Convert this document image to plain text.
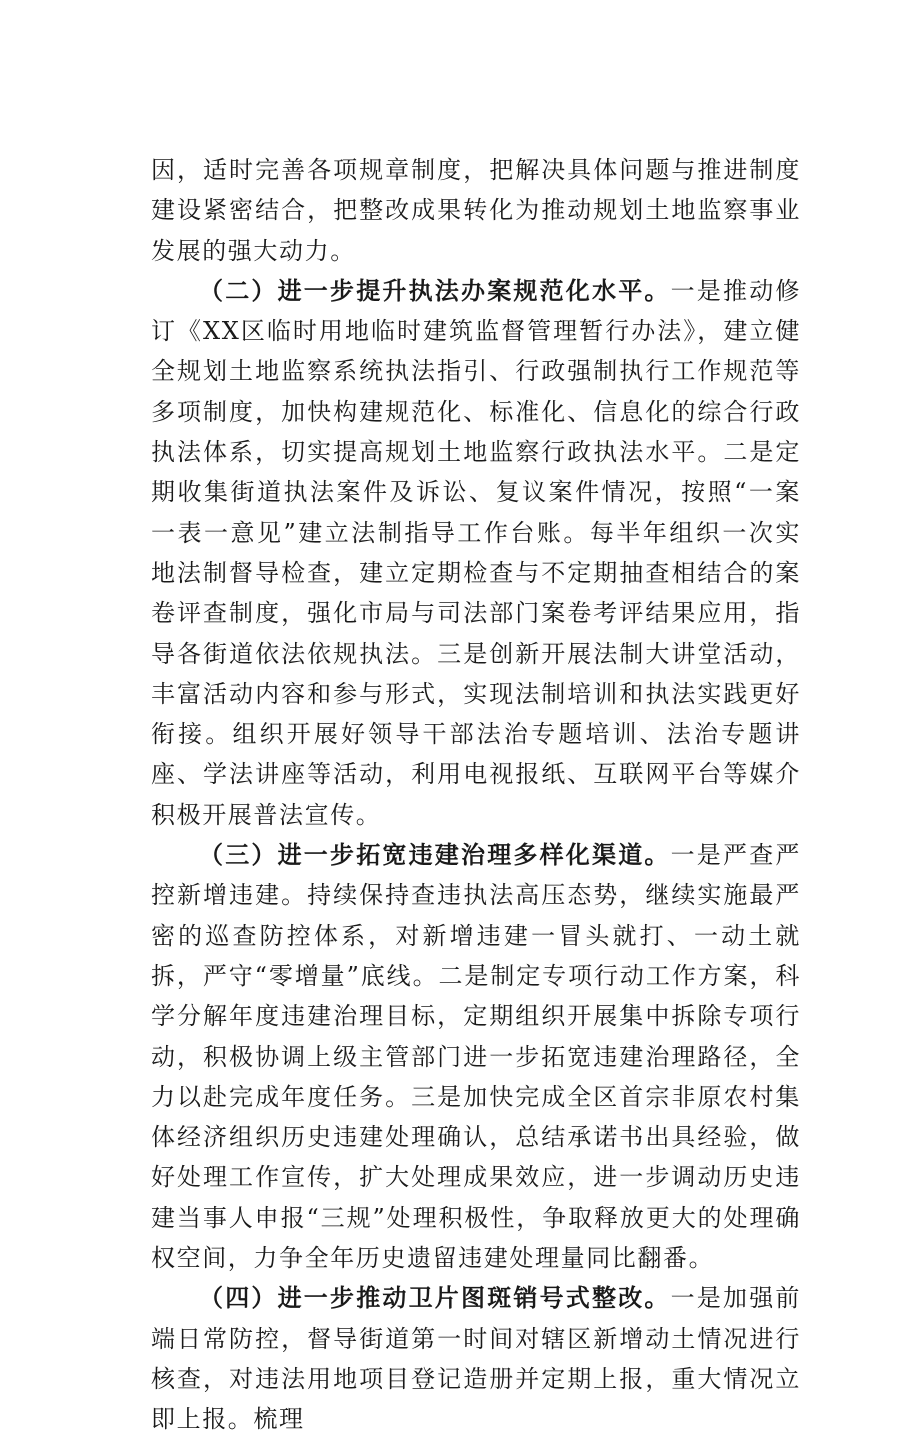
因，适时完善各项规章制度，把解决具体问题与推进制度建设紧密结合，把整改成果转化为推动规划土地监察事业发展的强大动力。

（二）进一步提升执法办案规范化水平。一是推动修订《XX区临时用地临时建筑监督管理暂行办法》，建立健全规划土地监察系统执法指引、行政强制执行工作规范等多项制度，加快构建规范化、标准化、信息化的综合行政执法体系，切实提高规划土地监察行政执法水平。二是定期收集街道执法案件及诉讼、复议案件情况，按照“一案一表一意见”建立法制指导工作台账。每半年组织一次实地法制督导检查，建立定期检查与不定期抽查相结合的案卷评查制度，强化市局与司法部门案卷考评结果应用，指导各街道依法依规执法。三是创新开展法制大讲堂活动，丰富活动内容和参与形式，实现法制培训和执法实践更好衔接。组织开展好领导干部法治专题培训、法治专题讲座、学法讲座等活动，利用电视报纸、互联网平台等媒介积极开展普法宣传。

（三）进一步拓宽违建治理多样化渠道。一是严查严控新增违建。持续保持查违执法高压态势，继续实施最严密的巡查防控体系，对新增违建一冒头就打、一动土就拆，严守“零增量”底线。二是制定专项行动工作方案，科学分解年度违建治理目标，定期组织开展集中拆除专项行动，积极协调上级主管部门进一步拓宽违建治理路径，全力以赴完成年度任务。三是加快完成全区首宗非原农村集体经济组织历史违建处理确认，总结承诺书出具经验，做好处理工作宣传，扩大处理成果效应，进一步调动历史违建当事人申报“三规”处理积极性，争取释放更大的处理确权空间，力争全年历史遗留违建处理量同比翻番。

（四）进一步推动卫片图斑销号式整改。一是加强前端日常防控，督导街道第一时间对辖区新增动土情况进行核查，对违法用地项目登记造册并定期上报，重大情况立即上报。梳理
